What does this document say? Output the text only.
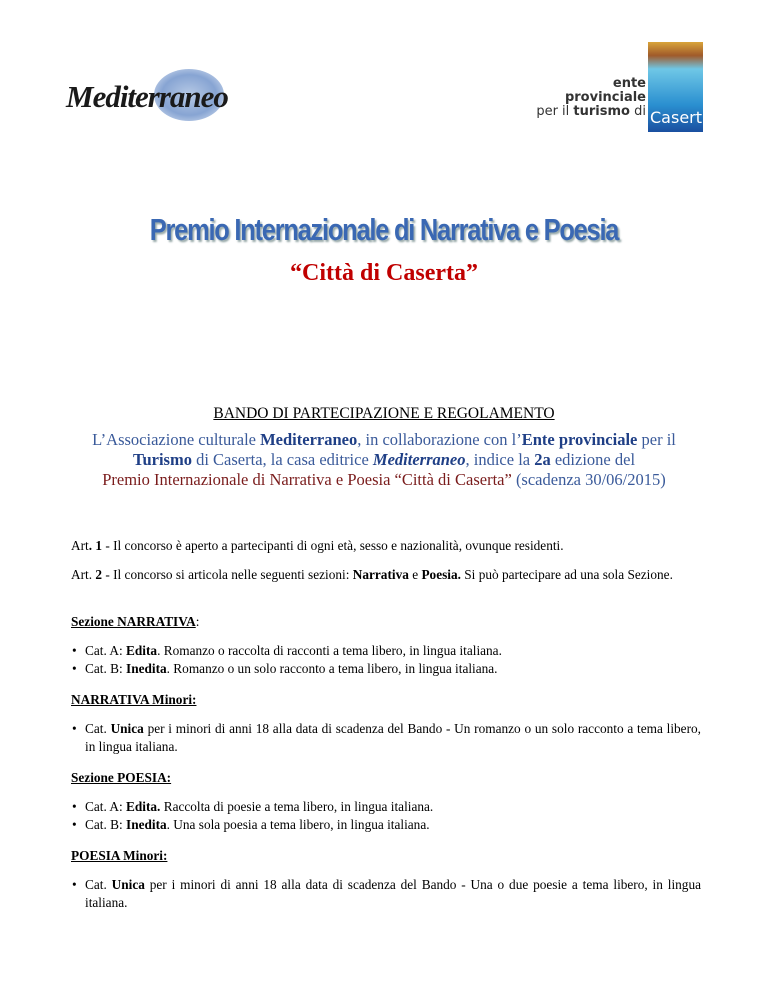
Mediterraneo	ente
provinciale
per il turismo di Caserta
Premio Internazionale di Narrativa e Poesia
“Città di Caserta”
BANDO DI PARTECIPAZIONE E REGOLAMENTO
L’Associazione culturale Mediterraneo, in collaborazione con l’Ente provinciale per il
Turismo di Caserta, la casa editrice Mediterraneo, indice la 2a edizione del
Premio Internazionale di Narrativa e Poesia “Città di Caserta” (scadenza 30/06/2015)
Art. 1 - Il concorso è aperto a partecipanti di ogni età, sesso e nazionalità, ovunque residenti.
Art. 2 - Il concorso si articola nelle seguenti sezioni: Narrativa e Poesia. Si può partecipare ad una sola Sezione.
Sezione NARRATIVA:
• Cat. A: Edita. Romanzo o raccolta di racconti a tema libero, in lingua italiana.
• Cat. B: Inedita. Romanzo o un solo racconto a tema libero, in lingua italiana.
NARRATIVA Minori:
• Cat. Unica per i minori di anni 18 alla data di scadenza del Bando - Un romanzo o un solo racconto a tema libero, in lingua italiana.
Sezione POESIA:
• Cat. A: Edita. Raccolta di poesie a tema libero, in lingua italiana.
• Cat. B: Inedita. Una sola poesia a tema libero, in lingua italiana.
POESIA Minori:
• Cat. Unica per i minori di anni 18 alla data di scadenza del Bando - Una o due poesie a tema libero, in lingua italiana.
